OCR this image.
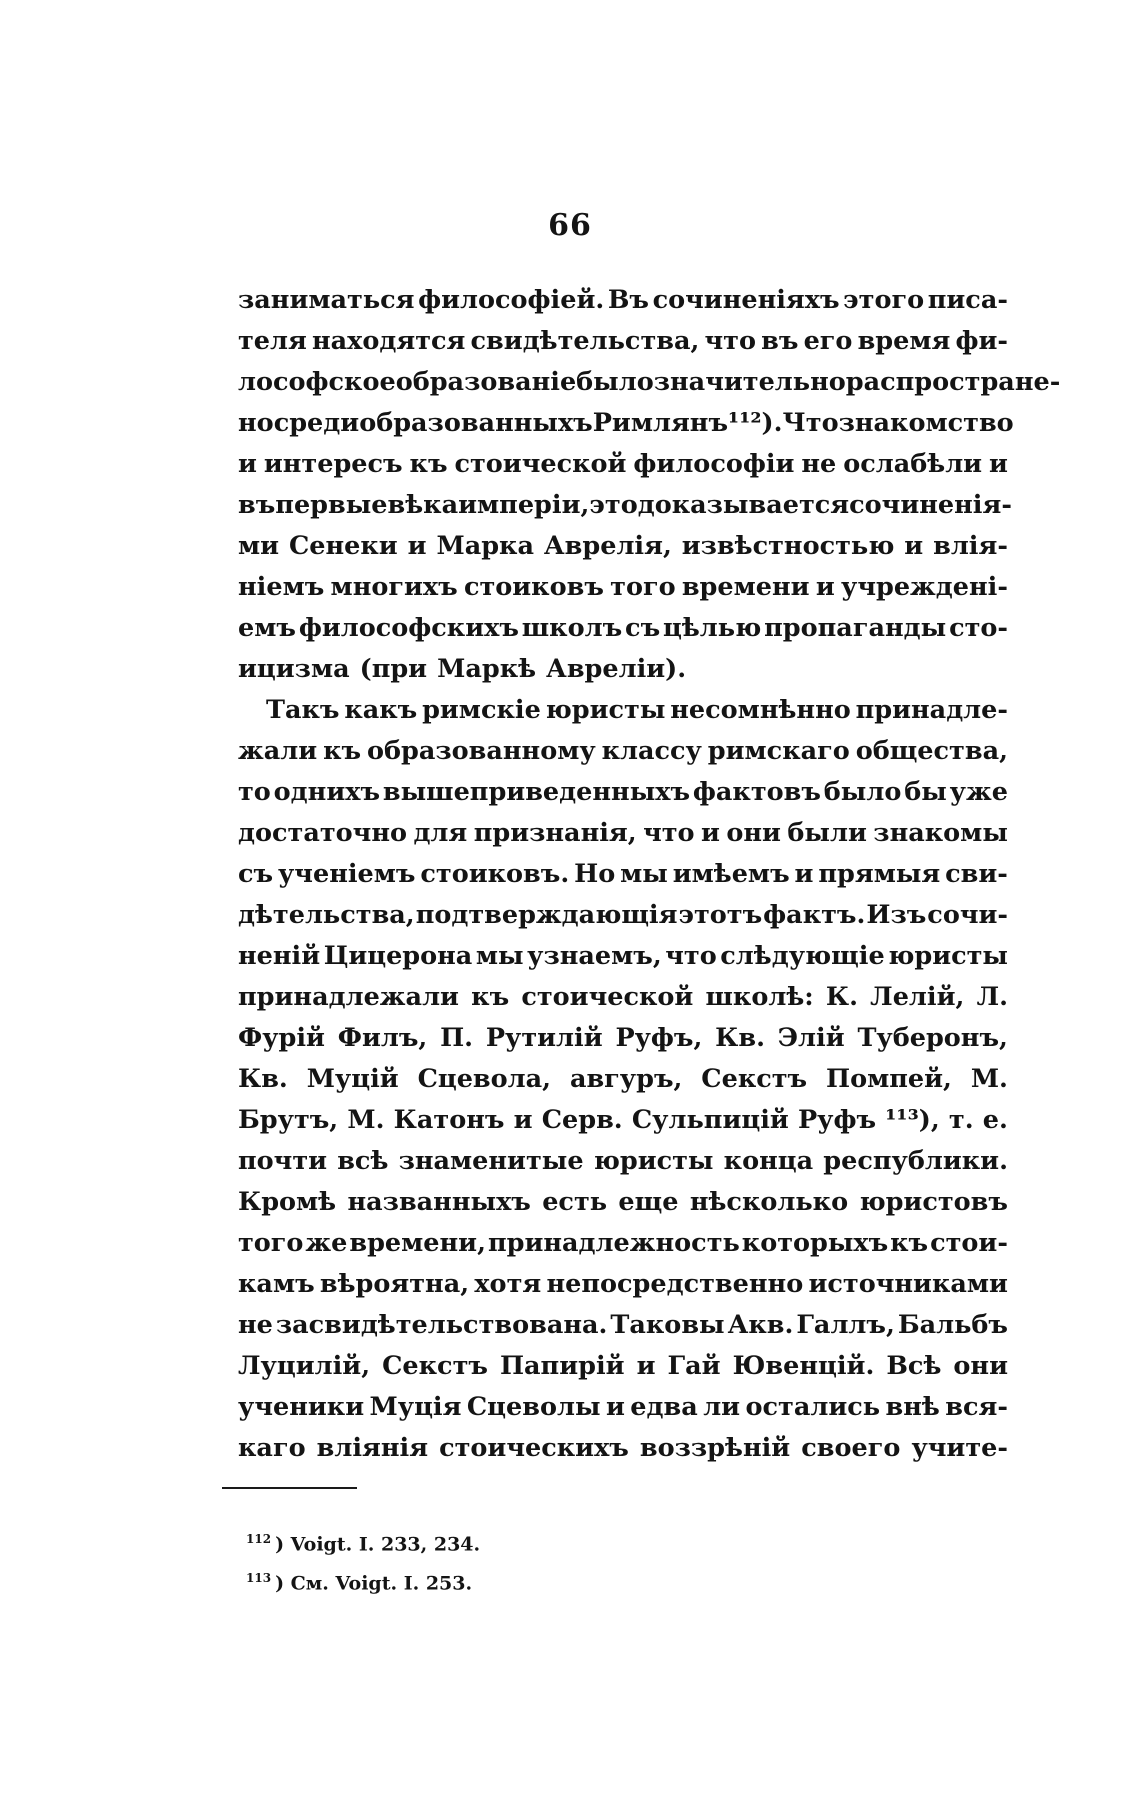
66

заниматься философіей. Въ сочиненіяхъ этого писа-

теля находятся свидѣтельства, что въ его время фи-

лософское образованіе было значительно распростране-

но среди образованныхъ Римлянъ ¹¹²). Что знакомство

и интересъ къ стоической философіи не ослабѣли и

въ первые вѣка имперіи, это доказывается сочиненія-

ми Сенеки и Марка Аврелія, извѣстностью и влія-

ніемъ многихъ стоиковъ того времени и учреждені-

емъ философскихъ школъ съ цѣлью пропаганды сто-

ицизма (при Маркѣ Авреліи).

Такъ какъ римскіе юристы несомнѣнно принадле-

жали къ образованному классу римскаго общества,

то однихъ вышеприведенныхъ фактовъ было бы уже

достаточно для признанія, что и они были знакомы

съ ученіемъ стоиковъ. Но мы имѣемъ и прямыя сви-

дѣтельства, подтверждающія этотъ фактъ. Изъ сочи-

неній Цицерона мы узнаемъ, что слѣдующіе юристы

принадлежали къ стоической школѣ: К. Лелій, Л.

Фурій Филъ, П. Рутилій Руфъ, Кв. Элій Туберонъ,

Кв. Муцій Сцевола, авгуръ, Секстъ Помпей, М.

Брутъ, М. Катонъ и Серв. Сульпицій Руфъ ¹¹³), т. е.

почти всѣ знаменитые юристы конца республики.

Кромѣ названныхъ есть еще нѣсколько юристовъ

того же времени, принадлежность которыхъ къ стои-

камъ вѣроятна, хотя непосредственно источниками

не засвидѣтельствована. Таковы Акв. Галлъ, Бальбъ

Луцилій, Секстъ Папирій и Гай Ювенцій. Всѣ они

ученики Муція Сцеволы и едва ли остались внѣ вся-

каго вліянія стоическихъ воззрѣній своего учите-

$^{112}$ ) Voigt. I. 233, 234.
$^{113}$ ) См. Voigt. I. 253.
